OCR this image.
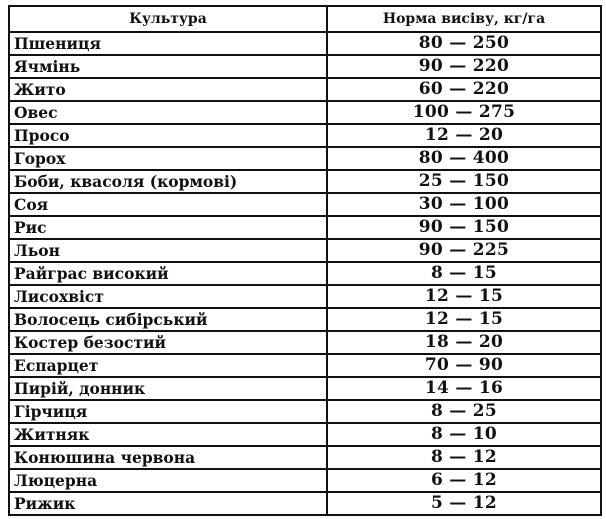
Культура	Норма висіву, кг/га
Пшениця	80 — 250
Ячмінь	90 — 220
Жито	60 — 220
Овес	100 — 275
Просо	12 — 20
Горох	80 — 400
Боби, квасоля (кормові)	25 — 150
Соя	30 — 100
Рис	90 — 150
Льон	90 — 225
Райграс високий	8 — 15
Лисохвіст	12 — 15
Волосець сибірський	12 — 15
Костер безостий	18 — 20
Еспарцет	70 — 90
Пирій, донник	14 — 16
Гірчиця	8 — 25
Житняк	8 — 10
Конюшина червона	8 — 12
Люцерна	6 — 12
Рижик	5 — 12
